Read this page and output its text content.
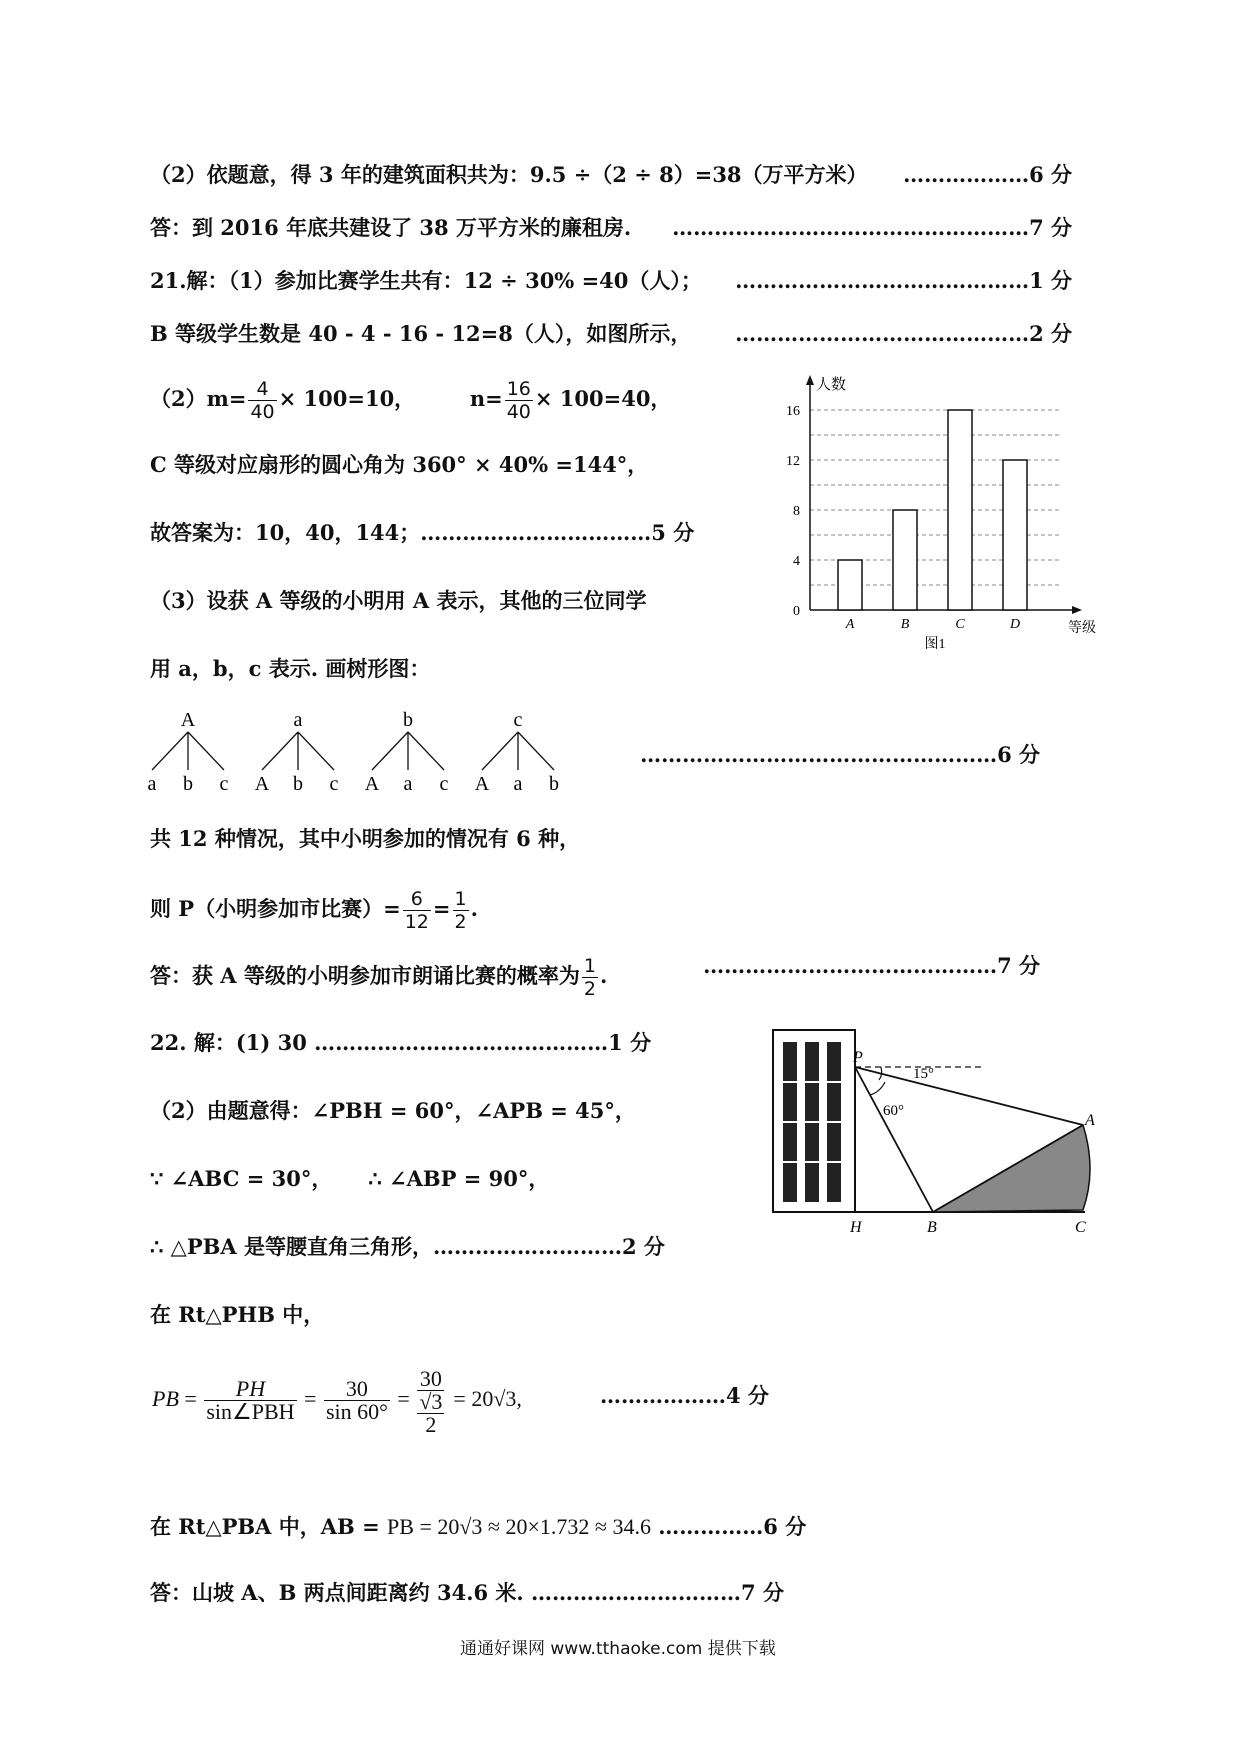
（2）依题意，得 3 年的建筑面积共为：9.5 ÷（2 ÷ 8）=38（万平方米） ………………6 分
答：到 2016 年底共建设了 38 万平方米的廉租房. ……………………………………………7 分
21.解：（1）参加比赛学生共有：12 ÷ 30% =40（人）； ……………………………………1 分
B 等级学生数是 40 - 4 - 16 - 12=8（人），如图所示， ……………………………………2 分
$(2)m= \frac{4}{40} \times 100=10$，	$n= \frac{16}{40} \times 100=40$，
C 等级对应扇形的圆心角为 360° × 40% =144°，
故答案为：10，40，144；……………………………5 分
（3）设获 A 等级的小明用 A 表示，其他的三位同学
用 a，b，c 表示. 画树形图：
0
4
8
12
16
人数
等级
图1
A	B	C	D
A
a b c
a
A b c
b
A a c
c
A a b
……………………………………………6 分
共 12 种情况，其中小明参加的情况有 6 种，
则 P（小明参加市比赛）= $\frac{6}{12} = \frac{1}{2}$ .
答：获 A 等级的小明参加市朗诵比赛的概率为 $\frac{1}{2}$ .	……………………………………7 分
22. 解：(1) 30 ……………………………………1 分
（2）由题意得：∠PBH = 60°，∠APB = 45°，
∵ ∠ABC = 30°， ∴ ∠ABP = 90°，
∴ △PBA 是等腰直角三角形，………………………2 分
在 Rt△PHB 中，
PB = $\frac{PH}{\text{sin∠PBH}} = \frac{30}{\sin 60^\circ}$ =
30
√3
2
= 20√3,	………………4 分
在 Rt△PBA 中，AB = PB = 20√3 ≈ 20×1.732 ≈ 34.6 ……………6 分
答：山坡 A、B 两点间距离约 34.6 米. …………………………7 分
P
15°
60°
A
H	B	C
通通好课网 www.tthaoke.com 提供下载
